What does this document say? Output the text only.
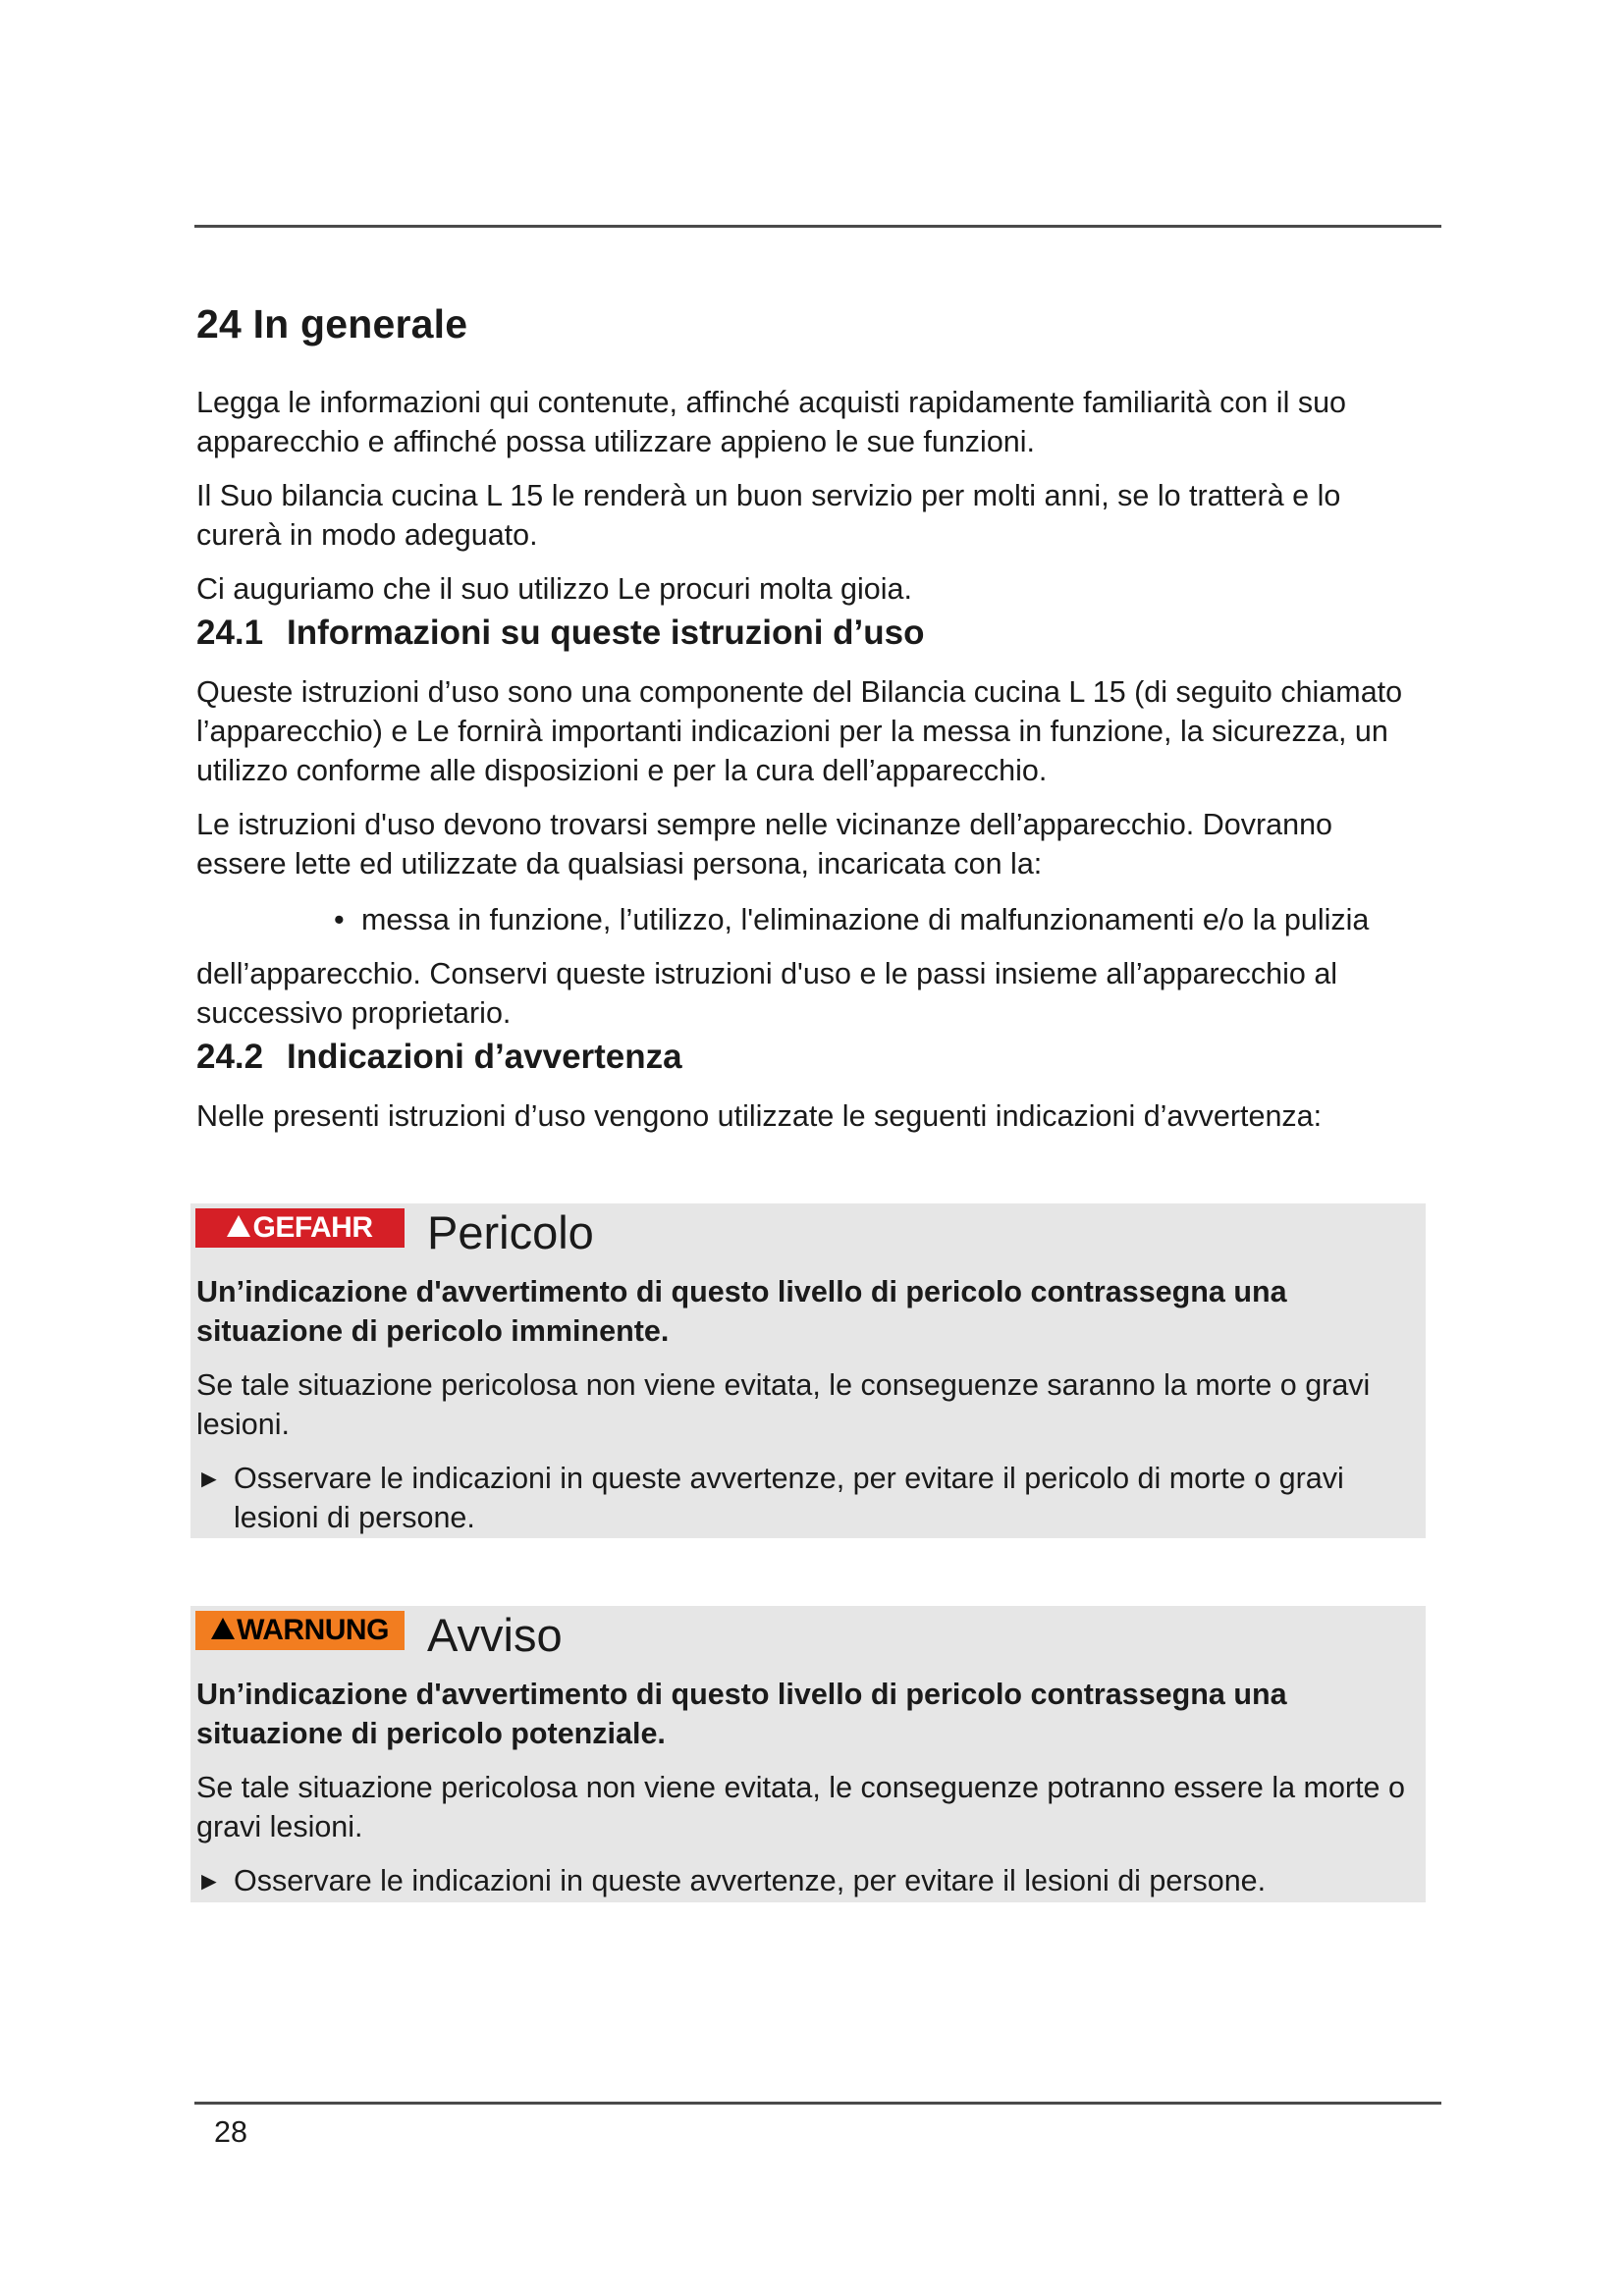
24 In generale

Legga le informazioni qui contenute, affinché acquisti rapidamente familiarità con il suo apparecchio e affinché possa utilizzare appieno le sue funzioni.

Il Suo bilancia cucina L 15 le renderà un buon servizio per molti anni, se lo tratterà e lo curerà in modo adeguato.

Ci auguriamo che il suo utilizzo Le procuri molta gioia.

24.1 Informazioni su queste istruzioni d’uso

Queste istruzioni d’uso sono una componente del Bilancia cucina L 15 (di seguito chiamato l’apparecchio) e Le fornirà importanti indicazioni per la messa in funzione, la sicurezza, un utilizzo conforme alle disposizioni e per la cura dell’apparecchio.

Le istruzioni d'uso devono trovarsi sempre nelle vicinanze dell’apparecchio. Dovranno essere lette ed utilizzate da qualsiasi persona, incaricata con la:

• messa in funzione, l’utilizzo, l'eliminazione di malfunzionamenti e/o la pulizia

dell’apparecchio. Conservi queste istruzioni d'uso e le passi insieme all’apparecchio al successivo proprietario.

24.2 Indicazioni d’avvertenza

Nelle presenti istruzioni d’uso vengono utilizzate le seguenti indicazioni d’avvertenza:

GEFAHR Pericolo
Un’indicazione d'avvertimento di questo livello di pericolo contrassegna una situazione di pericolo imminente.

Se tale situazione pericolosa non viene evitata, le conseguenze saranno la morte o gravi lesioni.

► Osservare le indicazioni in queste avvertenze, per evitare il pericolo di morte o gravi lesioni di persone.
WARNUNG Avviso
Un’indicazione d'avvertimento di questo livello di pericolo contrassegna una situazione di pericolo potenziale.

Se tale situazione pericolosa non viene evitata, le conseguenze potranno essere la morte o gravi lesioni.

► Osservare le indicazioni in queste avvertenze, per evitare il lesioni di persone.
28
